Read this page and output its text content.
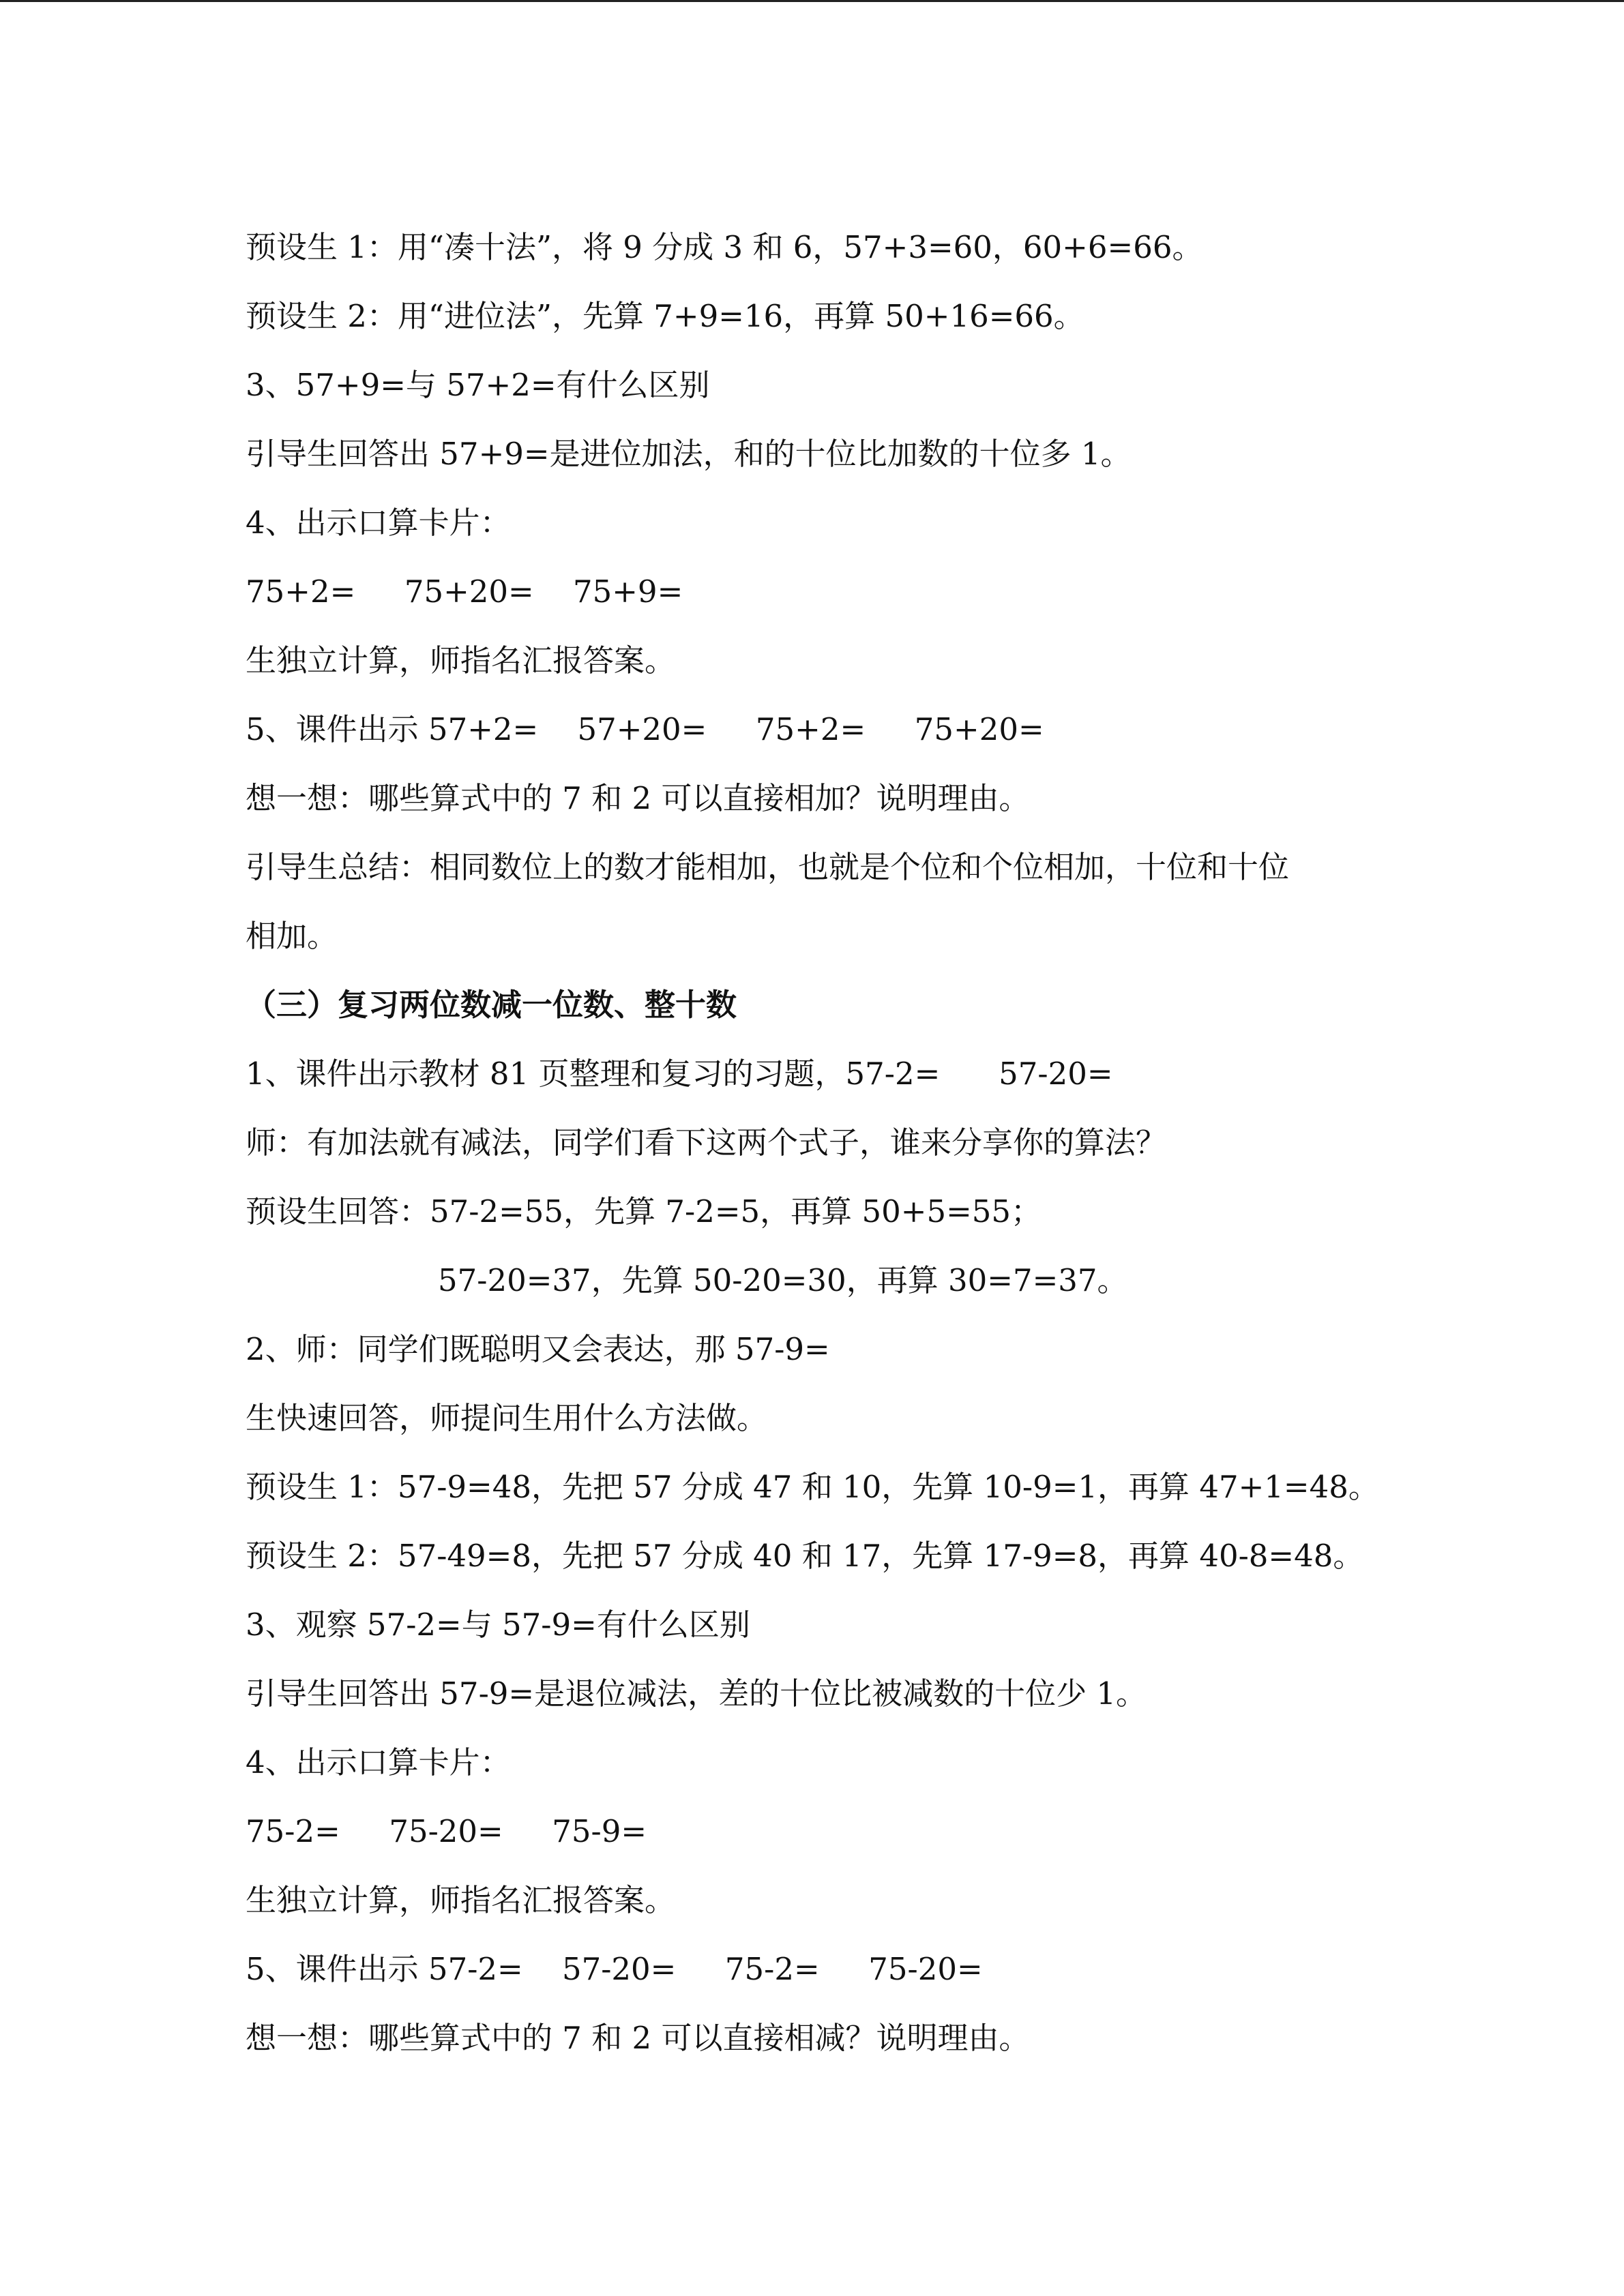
预设生 1：用“凑十法”，将 9 分成 3 和 6，57+3=60，60+6=66。
预设生 2：用“进位法”，先算 7+9=16，再算 50+16=66。
3、57+9=与 57+2=有什么区别
引导生回答出 57+9=是进位加法，和的十位比加数的十位多 1。
4、出示口算卡片：
75+2=     75+20=    75+9=
生独立计算，师指名汇报答案。
5、课件出示 57+2=    57+20=     75+2=     75+20=
想一想：哪些算式中的 7 和 2 可以直接相加？说明理由。
引导生总结：相同数位上的数才能相加，也就是个位和个位相加，十位和十位
相加。
（三）复习两位数减一位数、整十数
1、课件出示教材 81 页整理和复习的习题，57-2=      57-20=
师：有加法就有减法，同学们看下这两个式子，谁来分享你的算法？
预设生回答：57-2=55，先算 7-2=5，再算 50+5=55；
57-20=37，先算 50-20=30，再算 30=7=37。
2、师：同学们既聪明又会表达，那 57-9=
生快速回答，师提问生用什么方法做。
预设生 1：57-9=48，先把 57 分成 47 和 10，先算 10-9=1，再算 47+1=48。
预设生 2：57-49=8，先把 57 分成 40 和 17，先算 17-9=8，再算 40-8=48。
3、观察 57-2=与 57-9=有什么区别
引导生回答出 57-9=是退位减法，差的十位比被减数的十位少 1。
4、出示口算卡片：
75-2=     75-20=     75-9=
生独立计算，师指名汇报答案。
5、课件出示 57-2=    57-20=     75-2=     75-20=
想一想：哪些算式中的 7 和 2 可以直接相减？说明理由。
